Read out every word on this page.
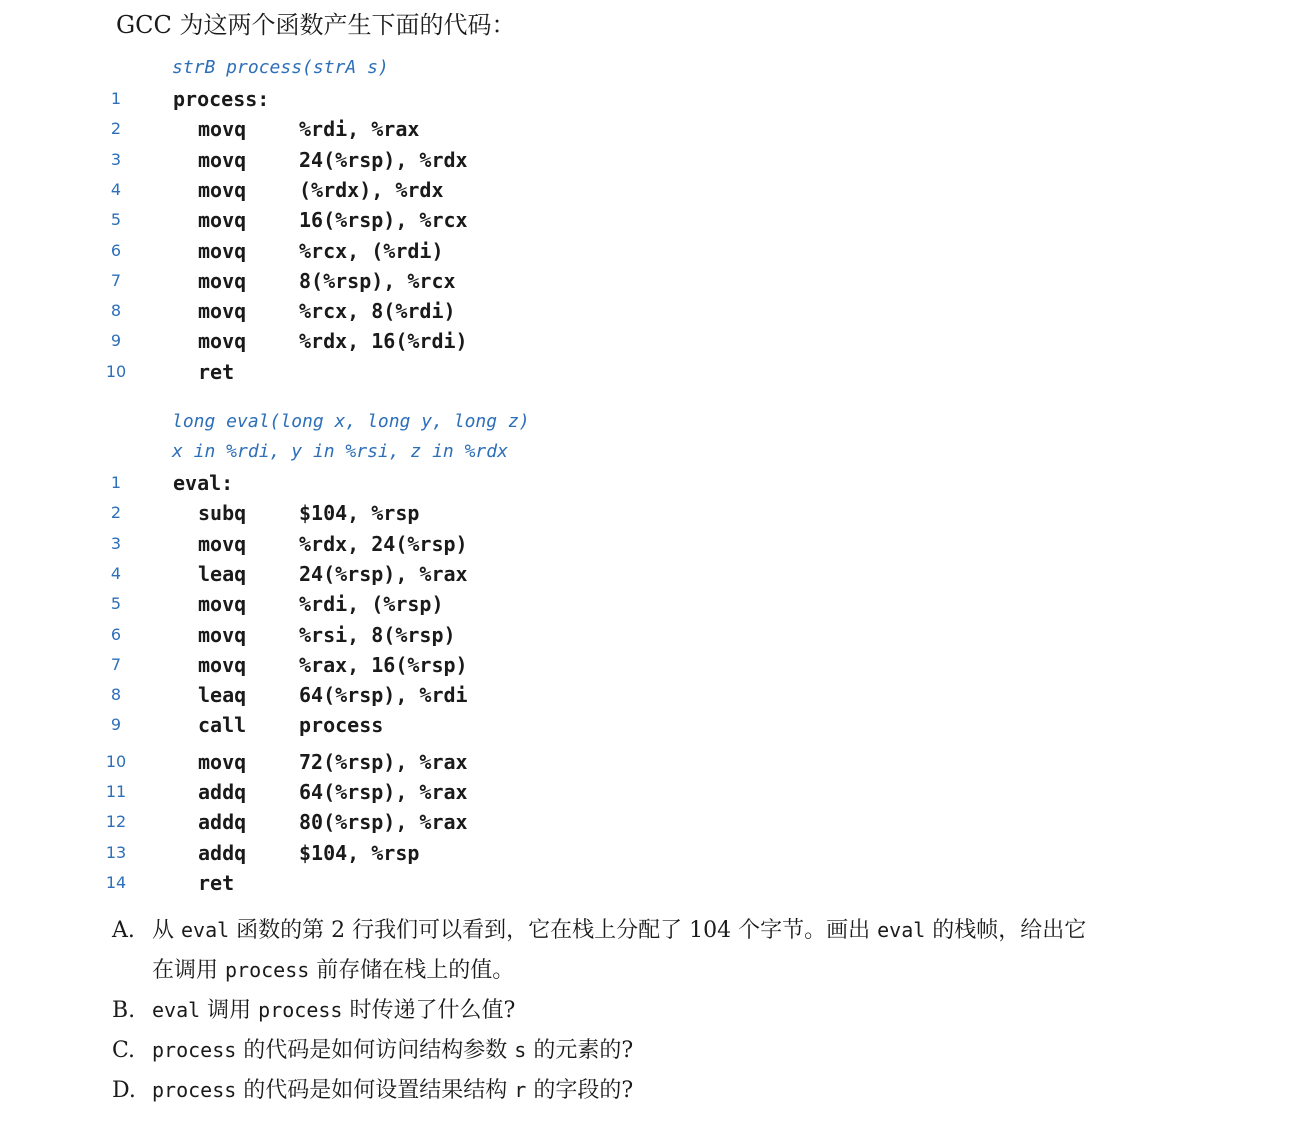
GCC 为这两个函数产生下面的代码：
strB process(strA s)
1	process:
2	movq	%rdi, %rax
3	movq	24(%rsp), %rdx
4	movq	(%rdx), %rdx
5	movq	16(%rsp), %rcx
6	movq	%rcx, (%rdi)
7	movq	8(%rsp), %rcx
8	movq	%rcx, 8(%rdi)
9	movq	%rdx, 16(%rdi)
10	ret
long eval(long x, long y, long z)
x in %rdi, y in %rsi, z in %rdx
1	eval:
2	subq	$104, %rsp
3	movq	%rdx, 24(%rsp)
4	leaq	24(%rsp), %rax
5	movq	%rdi, (%rsp)
6	movq	%rsi, 8(%rsp)
7	movq	%rax, 16(%rsp)
8	leaq	64(%rsp), %rdi
9	call	process
10	movq	72(%rsp), %rax
11	addq	64(%rsp), %rax
12	addq	80(%rsp), %rax
13	addq	$104, %rsp
14	ret
A. 从 eval 函数的第 2 行我们可以看到，它在栈上分配了 104 个字节。画出 eval 的栈帧，给出它
在调用 process 前存储在栈上的值。
B. eval 调用 process 时传递了什么值?
C. process 的代码是如何访问结构参数 s 的元素的?
D. process 的代码是如何设置结果结构 r 的字段的?
